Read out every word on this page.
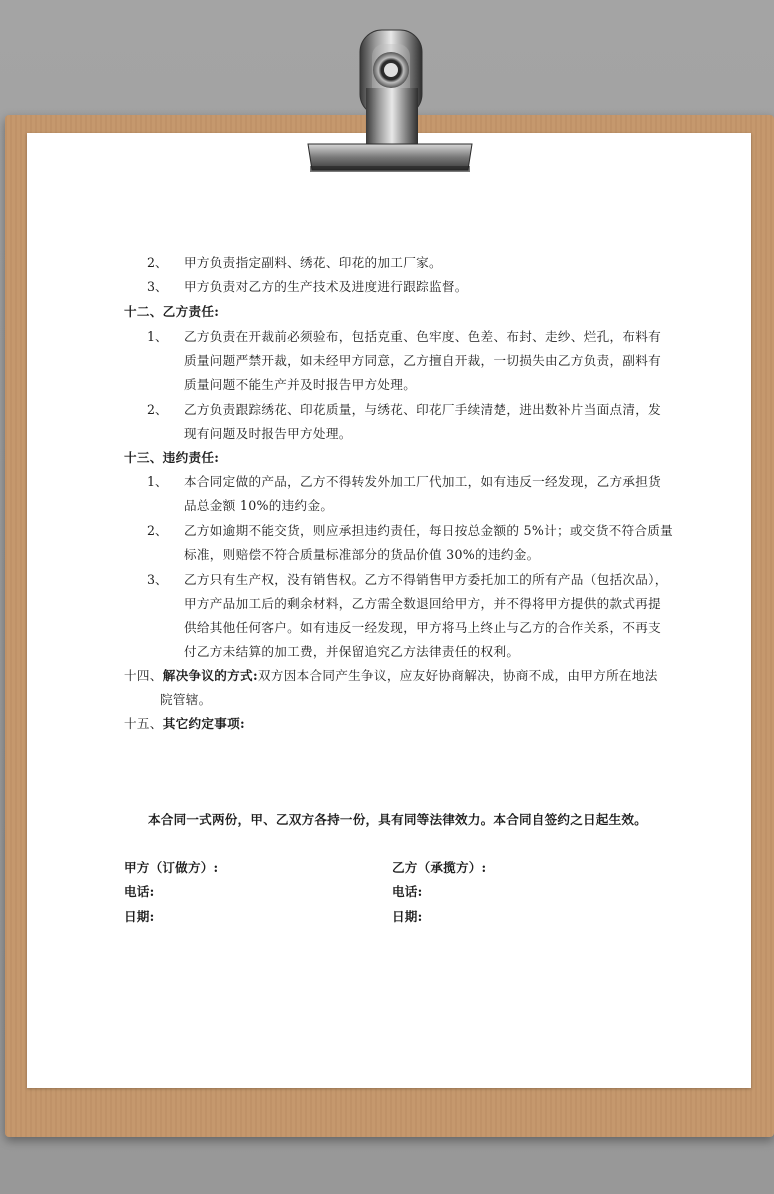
2、 甲方负责指定副料、绣花、印花的加工厂家。
3、 甲方负责对乙方的生产技术及进度进行跟踪监督。
十二、乙方责任:
1、 乙方负责在开裁前必须验布，包括克重、色牢度、色差、布封、走纱、烂孔，布料有
质量问题严禁开裁，如未经甲方同意，乙方擅自开裁，一切损失由乙方负责，副料有
质量问题不能生产并及时报告甲方处理。
2、 乙方负责跟踪绣花、印花质量，与绣花、印花厂手续清楚，进出数补片当面点清，发
现有问题及时报告甲方处理。
十三、违约责任:
1、 本合同定做的产品，乙方不得转发外加工厂代加工，如有违反一经发现，乙方承担货
品总金额 10%的违约金。
2、 乙方如逾期不能交货，则应承担违约责任，每日按总金额的 5%计；或交货不符合质量
标准，则赔偿不符合质量标准部分的货品价值 30%的违约金。
3、 乙方只有生产权，没有销售权。乙方不得销售甲方委托加工的所有产品（包括次品），
甲方产品加工后的剩余材料，乙方需全数退回给甲方，并不得将甲方提供的款式再提
供给其他任何客户。如有违反一经发现，甲方将马上终止与乙方的合作关系，不再支
付乙方未结算的加工费，并保留追究乙方法律责任的权利。
十四、解决争议的方式:双方因本合同产生争议，应友好协商解决，协商不成，由甲方所在地法
院管辖。
十五、其它约定事项:
本合同一式两份，甲、乙双方各持一份，具有同等法律效力。本合同自签约之日起生效。
甲方（订做方）:
电话:
日期:
乙方（承揽方）:
电话:
日期:
